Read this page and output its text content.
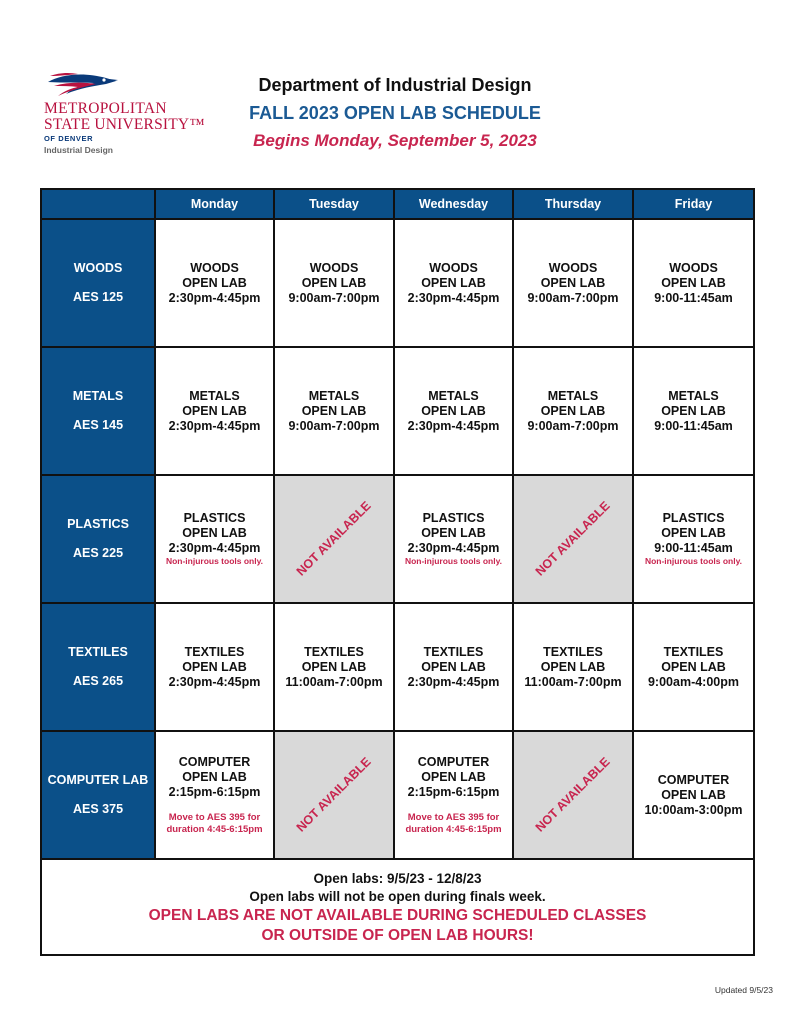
METROPOLITAN
STATE UNIVERSITY™
OF DENVER
Industrial Design
Department of Industrial Design
FALL 2023 OPEN LAB SCHEDULE
Begins Monday, September 5, 2023
	Monday	Tuesday	Wednesday	Thursday	Friday

WOODS
AES 125	WOODS
OPEN LAB
2:30pm-4:45pm	WOODS
OPEN LAB
9:00am-7:00pm	WOODS
OPEN LAB
2:30pm-4:45pm	WOODS
OPEN LAB
9:00am-7:00pm	WOODS
OPEN LAB
9:00-11:45am

METALS
AES 145	METALS
OPEN LAB
2:30pm-4:45pm	METALS
OPEN LAB
9:00am-7:00pm	METALS
OPEN LAB
2:30pm-4:45pm	METALS
OPEN LAB
9:00am-7:00pm	METALS
OPEN LAB
9:00-11:45am

PLASTICS
AES 225	PLASTICS
OPEN LAB
2:30pm-4:45pm
Non-injurous tools only.	NOT AVAILABLE	PLASTICS
OPEN LAB
2:30pm-4:45pm
Non-injurous tools only.	NOT AVAILABLE	PLASTICS
OPEN LAB
9:00-11:45am
Non-injurous tools only.

TEXTILES
AES 265	TEXTILES
OPEN LAB
2:30pm-4:45pm	TEXTILES
OPEN LAB
11:00am-7:00pm	TEXTILES
OPEN LAB
2:30pm-4:45pm	TEXTILES
OPEN LAB
11:00am-7:00pm	TEXTILES
OPEN LAB
9:00am-4:00pm

COMPUTER LAB
AES 375	COMPUTER
OPEN LAB
2:15pm-6:15pm
Move to AES 395 for
duration 4:45-6:15pm	NOT AVAILABLE	COMPUTER
OPEN LAB
2:15pm-6:15pm
Move to AES 395 for
duration 4:45-6:15pm	NOT AVAILABLE	COMPUTER
OPEN LAB
10:00am-3:00pm

Open labs: 9/5/23 - 12/8/23
Open labs will not be open during finals week.
OPEN LABS ARE NOT AVAILABLE DURING SCHEDULED CLASSES
OR OUTSIDE OF OPEN LAB HOURS!					
Updated 9/5/23
